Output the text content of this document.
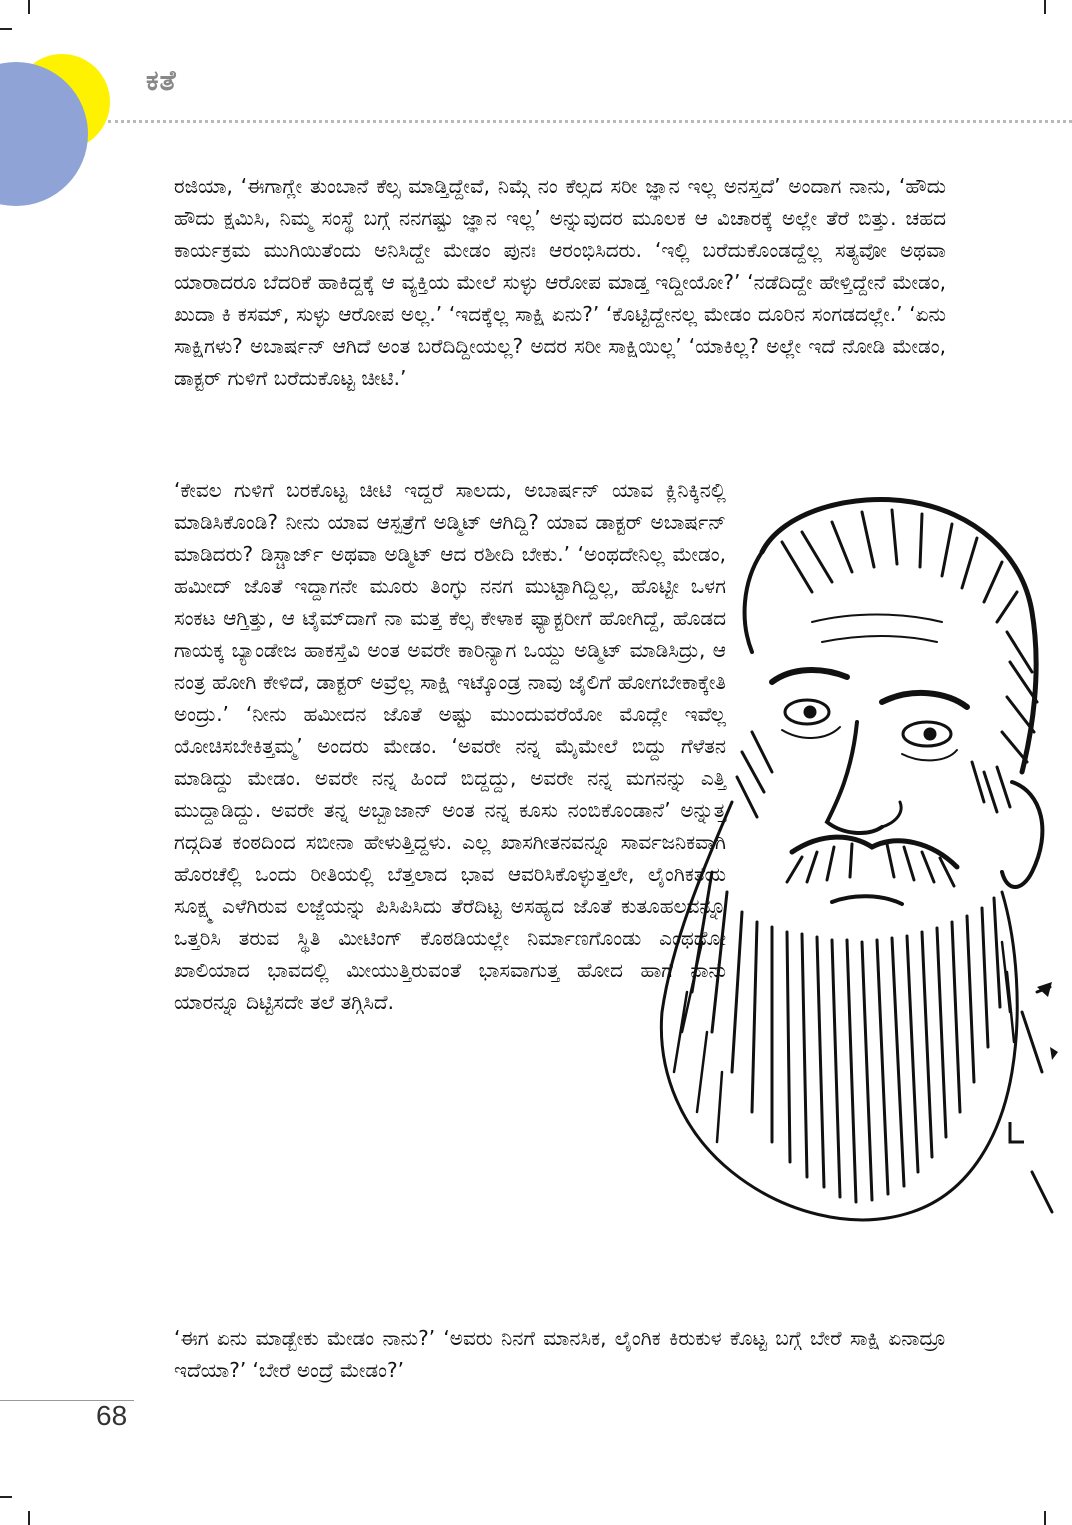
ಕತೆ

ರಜಿಯಾ, ‘ಈಗಾಗ್ಲೇ ತುಂಬಾನೆ ಕೆಲ್ಸ ಮಾಡ್ತಿದ್ದೇವೆ, ನಿಮ್ಗೆ ನಂ ಕೆಲ್ಸದ ಸರೀ ಜ್ಞಾನ ಇಲ್ಲ ಅನಸ್ತದೆ’ ಅಂದಾಗ ನಾನು, ‘ಹೌದು ಹೌದು ಕ್ಷಮಿಸಿ, ನಿಮ್ಮ ಸಂಸ್ಥೆ ಬಗ್ಗೆ ನನಗಷ್ಟು ಜ್ಞಾನ ಇಲ್ಲ’ ಅನ್ನುವುದರ ಮೂಲಕ ಆ ವಿಚಾರಕ್ಕೆ ಅಲ್ಲೇ ತೆರೆ ಬಿತ್ತು. ಚಹದ ಕಾರ್ಯಕ್ರಮ ಮುಗಿಯಿತೆಂದು ಅನಿಸಿದ್ದೇ ಮೇಡಂ ಪುನಃ ಆರಂಭಿಸಿದರು. ‘ಇಲ್ಲಿ ಬರೆದುಕೊಂಡದ್ದೆಲ್ಲ ಸತ್ಯವೋ ಅಥವಾ ಯಾರಾದರೂ ಬೆದರಿಕೆ ಹಾಕಿದ್ದಕ್ಕೆ ಆ ವ್ಯಕ್ತಿಯ ಮೇಲೆ ಸುಳ್ಳು ಆರೋಪ ಮಾಡ್ತ ಇದ್ದೀಯೋ?’ ‘ನಡೆದಿದ್ದೇ ಹೇಳ್ತಿದ್ದೇನೆ ಮೇಡಂ, ಖುದಾ ಕಿ ಕಸಮ್, ಸುಳ್ಳು ಆರೋಪ ಅಲ್ಲ.’ ‘ಇದಕ್ಕೆಲ್ಲ ಸಾಕ್ಷಿ ಏನು?’ ‘ಕೊಟ್ಟಿದ್ದೇನಲ್ಲ ಮೇಡಂ ದೂರಿನ ಸಂಗಡದಲ್ಲೇ.’ ‘ಏನು ಸಾಕ್ಷಿಗಳು? ಅಬಾರ್ಷನ್ ಆಗಿದೆ ಅಂತ ಬರೆದಿದ್ದೀಯಲ್ಲ? ಅದರ ಸರೀ ಸಾಕ್ಷಿಯಿಲ್ಲ’ ‘ಯಾಕಿಲ್ಲ? ಅಲ್ಲೇ ಇದೆ ನೋಡಿ ಮೇಡಂ, ಡಾಕ್ಟರ್ ಗುಳಿಗೆ ಬರೆದುಕೊಟ್ಟ ಚೀಟಿ.’

‘ಕೇವಲ ಗುಳಿಗೆ ಬರಕೊಟ್ಟ ಚೀಟಿ ಇದ್ದರೆ ಸಾಲದು, ಅಬಾರ್ಷನ್ ಯಾವ ಕ್ಲಿನಿಕ್ಕಿನಲ್ಲಿ ಮಾಡಿಸಿಕೊಂಡಿ? ನೀನು ಯಾವ ಆಸ್ಪತ್ರೆಗೆ ಅಡ್ಮಿಟ್ ಆಗಿದ್ದಿ? ಯಾವ ಡಾಕ್ಟರ್ ಅಬಾರ್ಷನ್ ಮಾಡಿದರು? ಡಿಸ್ಚಾರ್ಜ್ ಅಥವಾ ಅಡ್ಮಿಟ್ ಆದ ರಶೀದಿ ಬೇಕು.’ ‘ಅಂಥದೇನಿಲ್ಲ ಮೇಡಂ, ಹಮೀದ್ ಜೊತೆ ಇದ್ದಾಗನೇ ಮೂರು ತಿಂಗ್ಳು ನನಗ ಮುಟ್ಟಾಗಿದ್ದಿಲ್ಲ, ಹೊಟ್ಟೀ ಒಳಗ ಸಂಕಟ ಆಗ್ತಿತ್ತು, ಆ ಟೈಮ್‌ದಾಗೆ ನಾ ಮತ್ತ ಕೆಲ್ಸ ಕೇಳಾಕ ಫ್ಯಾಕ್ಟರೀಗೆ ಹೋಗಿದ್ದೆ, ಹೊಡದ ಗಾಯಕ್ಕ ಬ್ಯಾಂಡೇಜ ಹಾಕಸ್ತೆವಿ ಅಂತ ಅವರೇ ಕಾರಿನ್ಯಾಗ ಒಯ್ದು ಅಡ್ಮಿಟ್ ಮಾಡಿಸಿದ್ರು, ಆ ನಂತ್ರ ಹೋಗಿ ಕೇಳಿದೆ, ಡಾಕ್ಟರ್ ಅವ್ರೆಲ್ಲ ಸಾಕ್ಷಿ ಇಟ್ಕೊಂಡ್ರ ನಾವು ಜೈಲಿಗೆ ಹೋಗಬೇಕಾಕ್ಕೇತಿ ಅಂದ್ರು.’ ‘ನೀನು ಹಮೀದನ ಜೊತೆ ಅಷ್ಟು ಮುಂದುವರೆಯೋ ಮೊದ್ಲೇ ಇವೆಲ್ಲ ಯೋಚಿಸಬೇಕಿತ್ತಮ್ಮ’ ಅಂದರು ಮೇಡಂ. ‘ಅವರೇ ನನ್ನ ಮೈಮೇಲೆ ಬಿದ್ದು ಗೆಳೆತನ ಮಾಡಿದ್ದು ಮೇಡಂ. ಅವರೇ ನನ್ನ ಹಿಂದೆ ಬಿದ್ದದ್ದು, ಅವರೇ ನನ್ನ ಮಗನನ್ನು ಎತ್ತಿ ಮುದ್ದಾಡಿದ್ದು. ಅವರೇ ತನ್ನ ಅಬ್ಬಾಜಾನ್ ಅಂತ ನನ್ನ ಕೂಸು ನಂಬಿಕೊಂಡಾನೆ’ ಅನ್ನುತ್ತ ಗದ್ಗದಿತ ಕಂಠದಿಂದ ಸಬೀನಾ ಹೇಳುತ್ತಿದ್ದಳು. ಎಲ್ಲ ಖಾಸಗೀತನವನ್ನೂ ಸಾರ್ವಜನಿಕವಾಗಿ ಹೊರಚೆಲ್ಲಿ ಒಂದು ರೀತಿಯಲ್ಲಿ ಬೆತ್ತಲಾದ ಭಾವ ಆವರಿಸಿಕೊಳ್ಳುತ್ತಲೇ, ಲೈಂಗಿಕತೆಯ ಸೂಕ್ಷ್ಮ ಎಳೆಗಿರುವ ಲಜ್ಜೆಯನ್ನು ಪಿಸಿಪಿಸಿದು ತೆರೆದಿಟ್ಟ ಅಸಹ್ಯದ ಜೊತೆ ಕುತೂಹಲವನ್ನೂ ಒತ್ತರಿಸಿ ತರುವ ಸ್ಥಿತಿ ಮೀಟಿಂಗ್ ಕೊಠಡಿಯಲ್ಲೇ ನಿರ್ಮಾಣಗೊಂಡು ಎಂಥದೋ ಖಾಲಿಯಾದ ಭಾವದಲ್ಲಿ ಮೀಯುತ್ತಿರುವಂತೆ ಭಾಸವಾಗುತ್ತ ಹೋದ ಹಾಗೆ ನಾನು ಯಾರನ್ನೂ ದಿಟ್ಟಿಸದೇ ತಲೆ ತಗ್ಗಿಸಿದೆ.

‘ಈಗ ಏನು ಮಾಡ್ಬೇಕು ಮೇಡಂ ನಾನು?’ ‘ಅವರು ನಿನಗೆ ಮಾನಸಿಕ, ಲೈಂಗಿಕ ಕಿರುಕುಳ ಕೊಟ್ಟ ಬಗ್ಗೆ ಬೇರೆ ಸಾಕ್ಷಿ ಏನಾದ್ರೂ ಇದೆಯಾ?’ ‘ಬೇರೆ ಅಂದ್ರೆ ಮೇಡಂ?’

68
